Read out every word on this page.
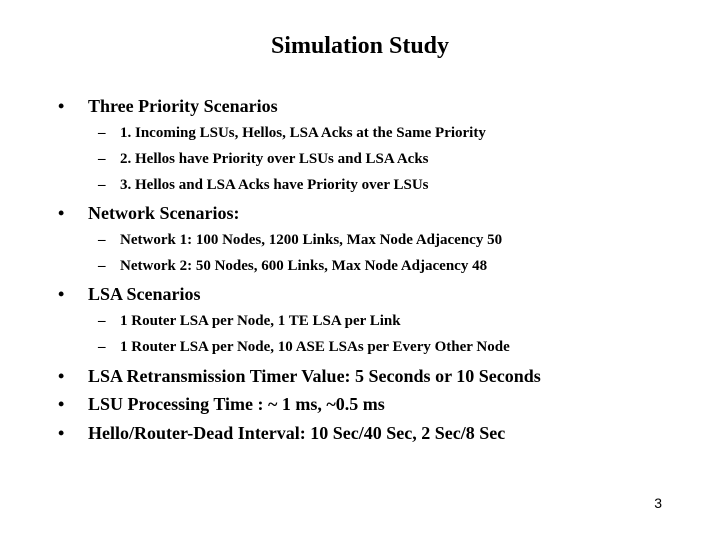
Simulation Study
• Three Priority Scenarios
– 1. Incoming LSUs, Hellos, LSA Acks at the Same Priority
– 2. Hellos have Priority over LSUs and LSA Acks
– 3. Hellos and LSA Acks have Priority over LSUs
• Network Scenarios:
– Network 1: 100 Nodes, 1200 Links, Max Node Adjacency 50
– Network 2: 50 Nodes, 600 Links, Max Node Adjacency 48
• LSA Scenarios
– 1 Router LSA per Node, 1 TE LSA per Link
– 1 Router LSA per Node, 10 ASE LSAs per Every Other Node
• LSA Retransmission Timer Value: 5 Seconds or 10 Seconds
• LSU Processing Time : ~ 1 ms, ~0.5 ms
• Hello/Router-Dead Interval: 10 Sec/40 Sec, 2 Sec/8 Sec
3
